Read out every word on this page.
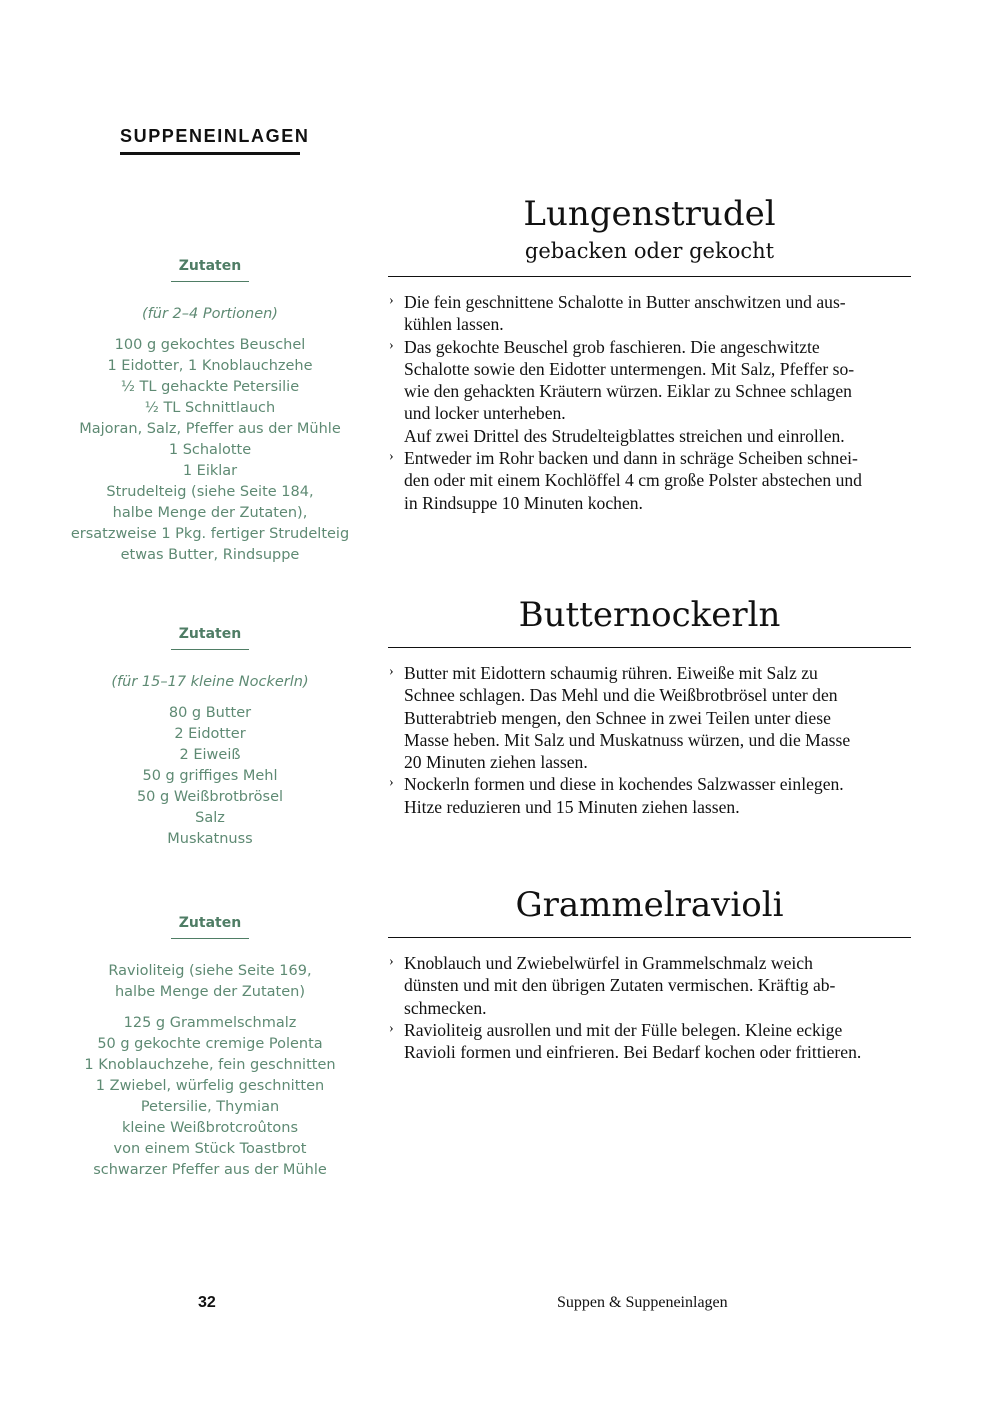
SUPPENEINLAGEN
Zutaten
(für 2–4 Portionen)
100 g gekochtes Beuschel
1 Eidotter, 1 Knoblauchzehe
½ TL gehackte Petersilie
½ TL Schnittlauch
Majoran, Salz, Pfeffer aus der Mühle
1 Schalotte
1 Eiklar
Strudelteig (siehe Seite 184,
halbe Menge der Zutaten),
ersatzweise 1 Pkg. fertiger Strudelteig
etwas Butter, Rindsuppe
Lungenstrudel
gebacken oder gekocht
› Die fein geschnittene Schalotte in Butter anschwitzen und aus-
kühlen lassen.
› Das gekochte Beuschel grob faschieren. Die angeschwitzte
Schalotte sowie den Eidotter untermengen. Mit Salz, Pfeffer so-
wie den gehackten Kräutern würzen. Eiklar zu Schnee schlagen
und locker unterheben.
Auf zwei Drittel des Strudelteigblattes streichen und einrollen.
› Entweder im Rohr backen und dann in schräge Scheiben schnei-
den oder mit einem Kochlöffel 4 cm große Polster abstechen und
in Rindsuppe 10 Minuten kochen.
Zutaten
(für 15–17 kleine Nockerln)
80 g Butter
2 Eidotter
2 Eiweiß
50 g griffiges Mehl
50 g Weißbrotbrösel
Salz
Muskatnuss
Butternockerln
› Butter mit Eidottern schaumig rühren. Eiweiße mit Salz zu
Schnee schlagen. Das Mehl und die Weißbrotbrösel unter den
Butterabtrieb mengen, den Schnee in zwei Teilen unter diese
Masse heben. Mit Salz und Muskatnuss würzen, und die Masse
20 Minuten ziehen lassen.
› Nockerln formen und diese in kochendes Salzwasser einlegen.
Hitze reduzieren und 15 Minuten ziehen lassen.
Zutaten
Ravioliteig (siehe Seite 169,
halbe Menge der Zutaten)
125 g Grammelschmalz
50 g gekochte cremige Polenta
1 Knoblauchzehe, fein geschnitten
1 Zwiebel, würfelig geschnitten
Petersilie, Thymian
kleine Weißbrotcroûtons
von einem Stück Toastbrot
schwarzer Pfeffer aus der Mühle
Grammelravioli
› Knoblauch und Zwiebelwürfel in Grammelschmalz weich
dünsten und mit den übrigen Zutaten vermischen. Kräftig ab-
schmecken.
› Ravioliteig ausrollen und mit der Fülle belegen. Kleine eckige
Ravioli formen und einfrieren. Bei Bedarf kochen oder frittieren.
32	Suppen & Suppeneinlagen
